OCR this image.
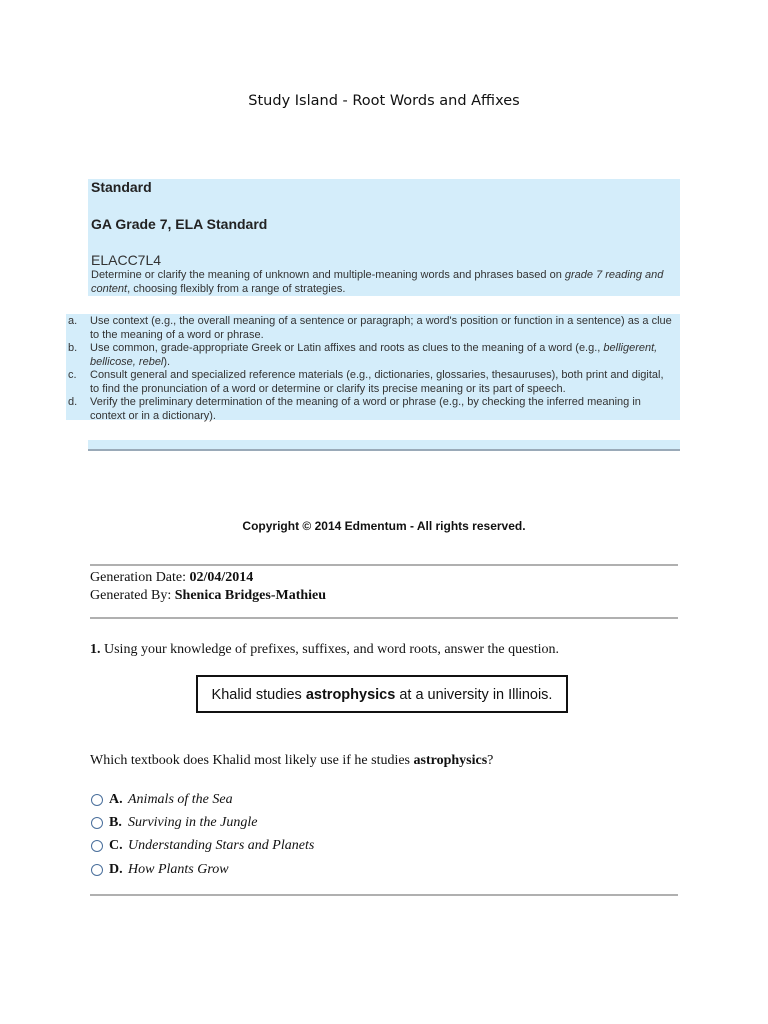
Study Island - Root Words and Affixes
Standard
GA Grade 7, ELA Standard
ELACC7L4
Determine or clarify the meaning of unknown and multiple-meaning words and phrases based on grade 7 reading and content, choosing flexibly from a range of strategies.
a. Use context (e.g., the overall meaning of a sentence or paragraph; a word's position or function in a sentence) as a clue to the meaning of a word or phrase.
b. Use common, grade-appropriate Greek or Latin affixes and roots as clues to the meaning of a word (e.g., belligerent, bellicose, rebel).
c. Consult general and specialized reference materials (e.g., dictionaries, glossaries, thesauruses), both print and digital, to find the pronunciation of a word or determine or clarify its precise meaning or its part of speech.
d. Verify the preliminary determination of the meaning of a word or phrase (e.g., by checking the inferred meaning in context or in a dictionary).
Copyright © 2014 Edmentum - All rights reserved.
Generation Date: 02/04/2014
Generated By: Shenica Bridges-Mathieu
1. Using your knowledge of prefixes, suffixes, and word roots, answer the question.
Khalid studies astrophysics at a university in Illinois.
Which textbook does Khalid most likely use if he studies astrophysics?
A. Animals of the Sea
B. Surviving in the Jungle
C. Understanding Stars and Planets
D. How Plants Grow
